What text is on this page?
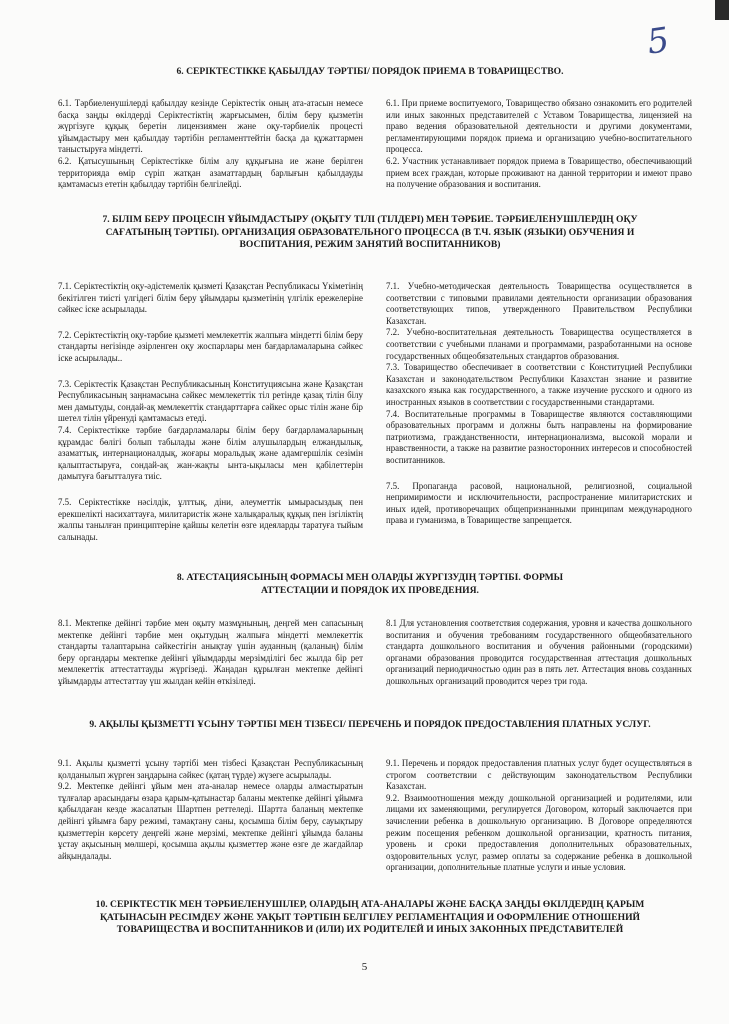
5
6. СЕРІКТЕСТІККЕ ҚАБЫЛДАУ ТӘРТІБІ/ ПОРЯДОК ПРИЕМА В ТОВАРИЩЕСТВО.

6.1. Тәрбиеленушілерді қабылдау кезінде Серіктестік оның ата-атасын немесе басқа заңды өкілдерді Серіктестіктің жарғысымен, білім беру қызметін жүргізуге құқық беретін лицензиямен және оқу-тәрбиелік процесті ұйымдастыру мен қабылдау тәртібін регламенттейтін басқа да құжаттармен таныстыруға міндетті.

6.2. Қатысушының Серіктестікке білім алу құқығына ие және берілген территорияда өмір сүріп жатқан азаматтардың барлығын қабылдауды қамтамасыз ететін қабылдау тәртібін белгілейді.

6.1. При приеме воспитуемого, Товарищество обязано ознакомить его родителей или иных законных представителей с Уставом Товарищества, лицензией на право ведения образовательной деятельности и другими документами, регламентирующими порядок приема и организацию учебно-воспитательного процесса.

6.2. Участник устанавливает порядок приема в Товарищество, обеспечивающий прием всех граждан, которые проживают на данной территории и имеют право на получение образования и воспитания.

7. БІЛІМ БЕРУ ПРОЦЕСІН ҰЙЫМДАСТЫРУ (ОҚЫТУ ТІЛІ (ТІЛДЕРІ) МЕН ТӘРБИЕ. ТӘРБИЕЛЕНУШІЛЕРДІҢ ОҚУ САҒАТЫНЫҢ ТӘРТІБІ). ОРГАНИЗАЦИЯ ОБРАЗОВАТЕЛЬНОГО ПРОЦЕССА (В Т.Ч. ЯЗЫК (ЯЗЫКИ) ОБУЧЕНИЯ И ВОСПИТАНИЯ, РЕЖИМ ЗАНЯТИЙ ВОСПИТАННИКОВ)

7.1. Серіктестіктің оқу-әдістемелік қызметі Қазақстан Республикасы Үкіметінің бекітілген тиісті үлгідегі білім беру ұйымдары қызметінің үлгілік ережелеріне сәйкес іске асырылады.

7.2. Серіктестіктің оқу-тәрбие қызметі мемлекеттік жалпыға міндетті білім беру стандарты негізінде әзірленген оқу жоспарлары мен бағдарламаларына сәйкес іске асырылады..

7.3. Серіктестік Қазақстан Республикасының Конституциясына және Қазақстан Республикасының заңнамасына сәйкес мемлекеттік тіл ретінде қазақ тілін білу мен дамытуды, сондай-ақ мемлекеттік стандарттарға сәйкес орыс тілін және бір шетел тілін үйренуді қамтамасыз етеді.

7.4. Серіктестікке тәрбие бағдарламалары білім беру бағдарламаларының құрамдас бөлігі болып табылады және білім алушылардың елжандылық, азаматтық, интернационалдық, жоғары моральдық және адамгершілік сезімін қалыптастыруға, сондай-ақ жан-жақты ынта-ықыласы мен қабілеттерін дамытуға бағытталуға тиіс.

7.5. Серіктестікке нәсілдік, ұлттық, діни, әлеуметтік ымырасыздық пен ерекшелікті насихаттауға, милитаристік және халықаралық құқық пен ізгіліктің жалпы танылған принциптеріне қайшы келетін өзге идеяларды таратуға тыйым салынады.

7.1. Учебно-методическая деятельность Товарищества осуществляется в соответствии с типовыми правилами деятельности организации образования соответствующих типов, утвержденного Правительством Республики Казахстан.

7.2. Учебно-воспитательная деятельность Товарищества осуществляется в соответствии с учебными планами и программами, разработанными на основе государственных общеобязательных стандартов образования.

7.3. Товарищество обеспечивает в соответствии с Конституцией Республики Казахстан и законодательством Республики Казахстан знание и развитие казахского языка как государственного, а также изучение русского и одного из иностранных языков в соответствии с государственными стандартами.

7.4. Воспитательные программы в Товариществе являются составляющими образовательных программ и должны быть направлены на формирование патриотизма, гражданственности, интернационализма, высокой морали и нравственности, а также на развитие разносторонних интересов и способностей воспитанников.

7.5. Пропаганда расовой, национальной, религиозной, социальной непримиримости и исключительности, распространение милитаристских и иных идей, противоречащих общепризнанными принципам международного права и гуманизма, в Товариществе запрещается.

8. АТЕСТАЦИЯСЫНЫҢ ФОРМАСЫ МЕН ОЛАРДЫ ЖҮРГІЗУДІҢ ТӘРТІБІ. ФОРМЫ АТТЕСТАЦИИ И ПОРЯДОК ИХ ПРОВЕДЕНИЯ.

8.1. Мектепке дейінгі тәрбие мен оқыту мазмұнының, деңгей мен сапасының мектепке дейінгі тәрбие мен оқытудың жалпыға міндетті мемлекеттік стандарты талаптарына сәйкестігін анықтау үшін ауданның (қаланың) білім беру органдары мектепке дейінгі ұйымдарды мерзімділігі бес жылда бір рет мемлекеттік аттестаттауды жүргізеді. Жаңадан құрылған мектепке дейінгі ұйымдарды аттестаттау үш жылдан кейін өткізіледі.

8.1 Для установления соответствия содержания, уровня и качества дошкольного воспитания и обучения требованиям государственного общеобязательного стандарта дошкольного воспитания и обучения районными (городскими) органами образования проводится государственная аттестация дошкольных организаций периодичностью один раз в пять лет. Аттестация вновь созданных дошкольных организаций проводится через три года.

9. АҚЫЛЫ ҚЫЗМЕТТІ ҰСЫНУ ТӘРТІБІ МЕН ТІЗБЕСІ/ ПЕРЕЧЕНЬ И ПОРЯДОК ПРЕДОСТАВЛЕНИЯ ПЛАТНЫХ УСЛУГ.

9.1. Ақылы қызметті ұсыну тәртібі мен тізбесі Қазақстан Республикасының қолданылып жүрген заңдарына сәйкес (қатаң түрде) жүзеге асырылады.

9.2. Мектепке дейінгі ұйым мен ата-аналар немесе оларды алмастыратын тұлғалар арасындағы өзара қарым-қатынастар баланы мектепке дейінгі ұйымға қабылдаған кезде жасалатын Шартпен реттеледі. Шартта баланың мектепке дейінгі ұйымға бару режимі, тамақтану саны, қосымша білім беру, сауықтыру қызметтерін көрсету деңгейі және мерзімі, мектепке дейінгі ұйымда баланы ұстау ақысының мөлшері, қосымша ақылы қызметтер және өзге де жағдайлар айқындалады.

9.1. Перечень и порядок предоставления платных услуг будет осуществляться в строгом соответствии с действующим законодательством Республики Казахстан.

9.2. Взаимоотношения между дошкольной организацией и родителями, или лицами их заменяющими, регулируется Договором, который заключается при зачислении ребенка в дошкольную организацию. В Договоре определяются режим посещения ребенком дошкольной организации, кратность питания, уровень и сроки предоставления дополнительных образовательных, оздоровительных услуг, размер оплаты за содержание ребенка в дошкольной организации, дополнительные платные услуги и иные условия.

10. СЕРІКТЕСТІК МЕН ТӘРБИЕЛЕНУШІЛЕР, ОЛАРДЫҢ АТА-АНАЛАРЫ ЖӘНЕ БАСҚА ЗАҢДЫ ӨКІЛДЕРДІҢ ҚАРЫМ ҚАТЫНАСЫН РЕСІМДЕУ ЖӘНЕ УАҚЫТ ТӘРТІБІН БЕЛГІЛЕУ РЕГЛАМЕНТАЦИЯ И ОФОРМЛЕНИЕ ОТНОШЕНИЙ ТОВАРИЩЕСТВА И ВОСПИТАННИКОВ И (ИЛИ) ИХ РОДИТЕЛЕЙ И ИНЫХ ЗАКОННЫХ ПРЕДСТАВИТЕЛЕЙ
5
